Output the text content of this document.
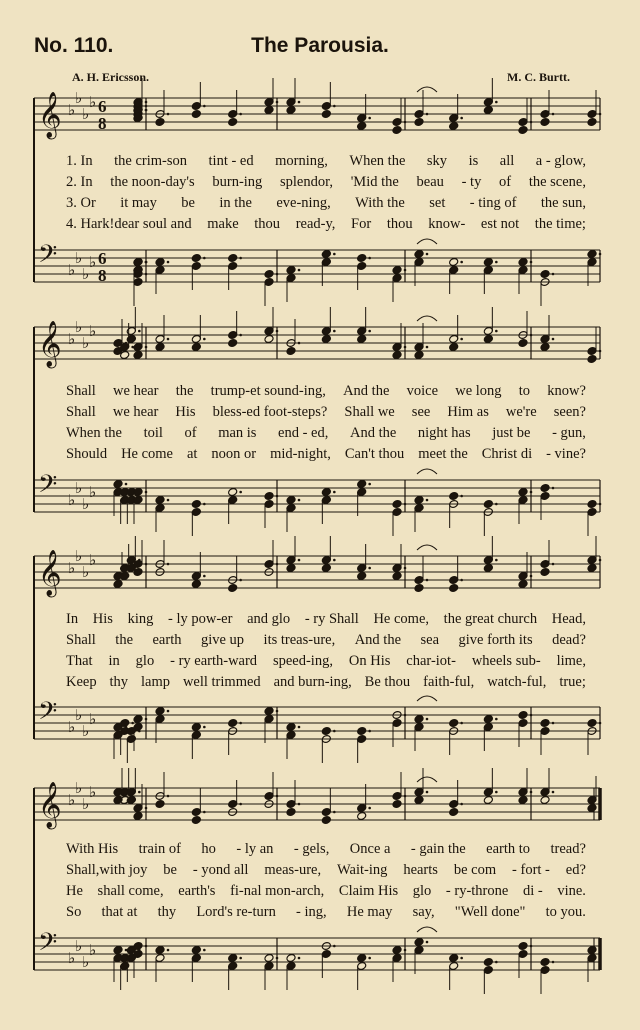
No. 110.	The Parousia.
A. H. Ericsson.	M. C. Burtt.
𝄞 ♭
♭
♭
♭ 6
8
𝄢 ♭
♭
♭
♭ 6
8
𝄞 ♭
♭
♭
♭
𝄢 ♭
♭
♭
♭
𝄞 ♭
♭
♭
♭
𝄢 ♭
♭
♭
♭
𝄞 ♭
♭
♭
♭
𝄢 ♭
♭
♭
♭
1. In the crim-son tint - ed morning, When the sky is all a - glow,
2. In the noon-day's burn-ing splendor, 'Mid the beau - ty of the scene,
3. Or it may be in the eve-ning, With the set - ting of the sun,
4. Hark!dear soul and make thou read-y, For thou know- est not the time;
Shall we hear the trump-et sound-ing, And the voice we long to know?
Shall we hear His bless-ed foot-steps? Shall we see Him as we're seen?
When the toil of man is end - ed, And the night has just be - gun,
Should He come at noon or mid-night, Can't thou meet the Christ di - vine?
In His king - ly pow-er and glo - ry Shall He come, the great church Head,
Shall the earth give up its treas-ure, And the sea give forth its dead?
That in glo - ry earth-ward speed-ing, On His char-iot- wheels sub- lime,
Keep thy lamp well trimmed and burn-ing, Be thou faith-ful, watch-ful, true;
With His train of ho - ly an - gels, Once a - gain the earth to tread?
Shall,with joy be - yond all meas-ure, Wait-ing hearts be com - fort - ed?
He shall come, earth's fi-nal mon-arch, Claim His glo - ry-throne di - vine.
So that at thy Lord's re-turn - ing, He may say, "Well done" to you.
